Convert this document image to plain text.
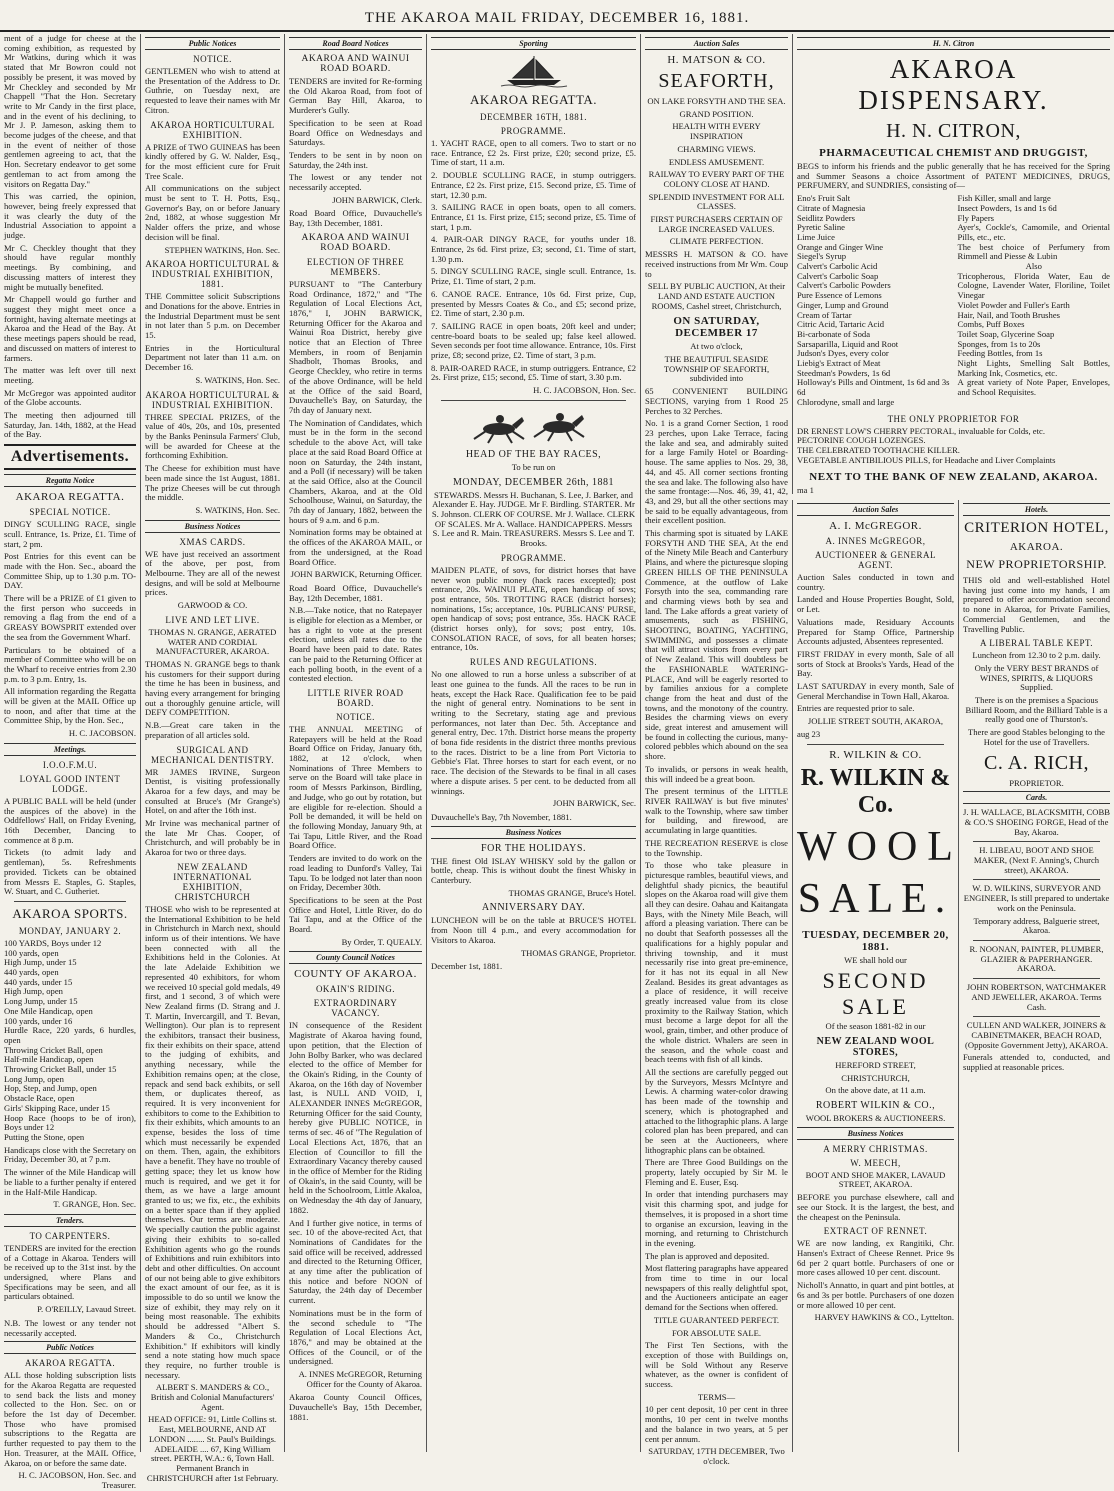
THE AKAROA MAIL FRIDAY, DECEMBER 16, 1881.

ment of a judge for cheese at the coming exhibition, as requested by Mr Watkins, during which it was stated that Mr Bowron could not possibly be present, it was moved by Mr Checkley and seconded by Mr Chappell "That the Hon. Secretary write to Mr Candy in the first place, and in the event of his declining, to Mr J. P. Jameson, asking them to become judges of the cheese, and that in the event of neither of those gentlemen agreeing to act, that the Hon. Secretary endeavor to get some gentleman to act from among the visitors on Regatta Day."

This was carried, the opinion, however, being freely expressed that it was clearly the duty of the Industrial Association to appoint a judge.

Mr C. Checkley thought that they should have regular monthly meetings. By combining, and discussing matters of interest they might be mutually benefited.

Mr Chappell would go further and suggest they might meet once a fortnight, having alternate meetings at Akaroa and the Head of the Bay. At these meetings papers should be read, and discussed on matters of interest to farmers.

The matter was left over till next meeting.

Mr McGregor was appointed auditor of the Globe accounts.

The meeting then adjourned till Saturday, Jan. 14th, 1882, at the Head of the Bay.

Advertisements.
Regatta Notice
AKAROA REGATTA.
SPECIAL NOTICE.

DINGY SCULLING RACE, single scull. Entrance, 1s. Prize, £1. Time of start, 2 pm.

Post Entries for this event can be made with the Hon. Sec., aboard the Committee Ship, up to 1.30 p.m. TO-DAY.

There will be a PRIZE of £1 given to the first person who succeeds in removing a flag from the end of a GREASY BOWSPRIT extended over the sea from the Government Wharf.

Particulars to be obtained of a member of Committee who will be on the Wharf to receive entries from 2.30 p.m. to 3 p.m. Entry, 1s.

All information regarding the Regatta will be given at the MAIL Office up to noon, and after that time at the Committee Ship, by the Hon. Sec.,

H. C. JACOBSON.

Meetings.
I.O.O.F.M.U.
LOYAL GOOD INTENT LODGE.

A PUBLIC BALL will be held (under the auspices of the above) in the Oddfellows' Hall, on Friday Evening, 16th December, Dancing to commence at 8 p.m.

Tickets (to admit lady and gentleman), 5s. Refreshments provided. Tickets can be obtained from Messrs E. Staples, G. Staples, W. Stuart, and C. Gutheriet.

AKAROA SPORTS.
MONDAY, JANUARY 2.

100 YARDS, Boys under 12

100 yards, open

High Jump, under 15

440 yards, open

440 yards, under 15

High Jump, open

Long Jump, under 15

One Mile Handicap, open

100 yards, under 16

Hurdle Race, 220 yards, 6 hurdles, open

Throwing Cricket Ball, open

Half-mile Handicap, open

Throwing Cricket Ball, under 15

Long Jump, open

Hop, Step, and Jump, open

Obstacle Race, open

Girls' Skipping Race, under 15

Hoop Race (hoops to be of iron), Boys under 12

Putting the Stone, open

Handicaps close with the Secretary on Friday, December 30, at 7 p.m.

The winner of the Mile Handicap will be liable to a further penalty if entered in the Half-Mile Handicap.

T. GRANGE, Hon. Sec.

Tenders.
TO CARPENTERS.

TENDERS are invited for the erection of a Cottage in Akaroa. Tenders will be received up to the 31st inst. by the undersigned, where Plans and Specifications may be seen, and all particulars obtained.

P. O'REILLY, Lavaud Street.

N.B. The lowest or any tender not necessarily accepted.

Public Notices
AKAROA REGATTA.

ALL those holding subscription lists for the Akaroa Regatta are requested to send back the lists and money collected to the Hon. Sec. on or before the 1st day of December. Those who have promised subscriptions to the Regatta are further requested to pay them to the Hon. Treasurer, at the MAIL Office, Akaroa, on or before the same date.

H. C. JACOBSON, Hon. Sec. and Treasurer.

Public Notices
NOTICE.

GENTLEMEN who wish to attend at the Presentation of the Address to Dr. Guthrie, on Tuesday next, are requested to leave their names with Mr Citron.

AKAROA HORTICULTURAL EXHIBITION.

A PRIZE of TWO GUINEAS has been kindly offered by G. W. Nalder, Esq., for the most efficient cure for Fruit Tree Scale.

All communications on the subject must be sent to T. H. Potts, Esq., Governor's Bay, on or before January 2nd, 1882, at whose suggestion Mr Nalder offers the prize, and whose decision will be final.

STEPHEN WATKINS, Hon. Sec.

AKAROA HORTICULTURAL & INDUSTRIAL EXHIBITION, 1881.

THE Committee solicit Subscriptions and Donations for the above. Entries in the Industrial Department must be sent in not later than 5 p.m. on December 15.

Entries in the Horticultural Department not later than 11 a.m. on December 16.

S. WATKINS, Hon. Sec.

AKAROA HORTICULTURAL & INDUSTRIAL EXHIBITION.

THREE SPECIAL PRIZES, of the value of 40s, 20s, and 10s, presented by the Banks Peninsula Farmers' Club, will be awarded for Cheese at the forthcoming Exhibition.

The Cheese for exhibition must have been made since the 1st August, 1881. The prize Cheeses will be cut through the middle.

S. WATKINS, Hon. Sec.

Business Notices
XMAS CARDS.

WE have just received an assortment of the above, per post, from Melbourne. They are all of the newest designs, and will be sold at Melbourne prices.

GARWOOD & CO.

LIVE AND LET LIVE.

THOMAS N. GRANGE, AERATED WATER AND CORDIAL MANUFACTURER, AKAROA.

THOMAS N. GRANGE begs to thank his customers for their support during the time he has been in business, and having every arrangement for bringing out a thoroughly genuine article, will DEFY COMPETITION.

N.B.—Great care taken in the preparation of all articles sold.

SURGICAL AND MECHANICAL DENTISTRY.

MR JAMES IRVINE, Surgeon Dentist, is visiting professionally Akaroa for a few days, and may be consulted at Bruce's (Mr Grange's) Hotel, on and after the 16th inst.

Mr Irvine was mechanical partner of the late Mr Chas. Cooper, of Christchurch, and will probably be in Akaroa for two or three days.

NEW ZEALAND INTERNATIONAL EXHIBITION, CHRISTCHURCH

THOSE who wish to be represented at the International Exhibition to be held in Christchurch in March next, should inform us of their intentions. We have been connected with all the Exhibitions held in the Colonies. At the late Adelaide Exhibition we represented 40 exhibitors, for whom we received 10 special gold medals, 49 first, and 1 second, 3 of which were New Zealand firms (D. Strang and J. T. Martin, Invercargill, and T. Bevan, Wellington). Our plan is to represent the exhibitors, transact their business, fix their exhibits on their space, attend to the judging of exhibits, and anything necessary, while the Exhibition remains open; at the close, repack and send back exhibits, or sell them, or duplicates thereof, as required. It is very inconvenient for exhibitors to come to the Exhibition to fix their exhibits, which amounts to an expense, besides the loss of time which must necessarily be expended on them. Then, again, the exhibitors have a benefit. They have no trouble of getting space; they let us know how much is required, and we get it for them, as we have a large amount granted to us; we fix, etc., the exhibits on a better space than if they applied themselves. Our terms are moderate. We specially caution the public against giving their exhibits to so-called Exhibition agents who go the rounds of Exhibitions and ruin exhibitors into debt and other difficulties. On account of our not being able to give exhibitors the exact amount of our fee, as it is impossible to do so until we know the size of exhibit, they may rely on it being most reasonable. The exhibits should be addressed "Albert S. Manders & Co., Christchurch Exhibition." If exhibitors will kindly send a note stating how much space they require, no further trouble is necessary.

ALBERT S. MANDERS & CO., British and Colonial Manufacturers' Agent.

HEAD OFFICE: 91, Little Collins st. East, MELBOURNE, AND AT LONDON ........ St. Paul's Buildings. ADELAIDE .... 67, King William street. PERTH, W.A.: 6, Town Hall. Permanent Branch in CHRISTCHURCH after 1st February.

Road Board Notices
AKAROA AND WAINUI ROAD BOARD.

TENDERS are invited for Re-forming the Old Akaroa Road, from foot of German Bay Hill, Akaroa, to Murderer's Gully.

Specification to be seen at Road Board Office on Wednesdays and Saturdays.

Tenders to be sent in by noon on Saturday, the 24th inst.

The lowest or any tender not necessarily accepted.

JOHN BARWICK, Clerk.

Road Board Office, Duvauchelle's Bay, 13th December, 1881.

AKAROA AND WAINUI ROAD BOARD.
ELECTION OF THREE MEMBERS.

PURSUANT to "The Canterbury Road Ordinance, 1872," and "The Regulation of Local Elections Act, 1876," I, JOHN BARWICK, Returning Officer for the Akaroa and Wainui Roa District, hereby give notice that an Election of Three Members, in room of Benjamin Shadbolt, Thomas Brooks, and George Checkley, who retire in terms of the above Ordinance, will be held at the Office of the said Board, Duvauchelle's Bay, on Saturday, the 7th day of January next.

The Nomination of Candidates, which must be in the form in the second schedule to the above Act, will take place at the said Road Board Office at noon on Saturday, the 24th instant, and a Poll (if necessary) will be taken at the said Office, also at the Council Chambers, Akaroa, and at the Old Schoolhouse, Wainui, on Saturday, the 7th day of January, 1882, between the hours of 9 a.m. and 6 p.m.

Nomination forms may be obtained at the offices of the AKAROA MAIL, or from the undersigned, at the Road Board Office.

JOHN BARWICK, Returning Officer.

Road Board Office, Duvauchelle's Bay, 12th December, 1881.

N.B.—Take notice, that no Ratepayer is eligible for election as a Member, or has a right to vote at the present election, unless all rates due to the Board have been paid to date. Rates can be paid to the Returning Officer at each polling booth, in the event of a contested election.

LITTLE RIVER ROAD BOARD.
NOTICE.

THE ANNUAL MEETING of Ratepayers will be held at the Road Board Office on Friday, January 6th, 1882, at 12 o'clock, when Nominations of Three Members to serve on the Board will take place in room of Messrs Parkinson, Birdling, and Judge, who go out by rotation, but are eligible for re-election. Should a Poll be demanded, it will be held on the following Monday, January 9th, at Tai Tapu, Little River, and the Road Board Office.

Tenders are invited to do work on the road leading to Dunford's Valley, Tai Tapu. To be lodged not later than noon on Friday, December 30th.

Specifications to be seen at the Post Office and Hotel, Little River, do do Tai Tapu, and at the Office of the Board.

By Order, T. QUEALY.

County Council Notices
COUNTY OF AKAROA.
OKAIN'S RIDING.
EXTRAORDINARY VACANCY.

IN consequence of the Resident Magistrate of Akaroa having found, upon petition, that the Election of John Bolby Barker, who was declared elected to the office of Member for the Okain's Riding, in the County of Akaroa, on the 16th day of November last, is NULL AND VOID, I, ALEXANDER INNES McGREGOR, Returning Officer for the said County, hereby give PUBLIC NOTICE, in terms of sec. 46 of "The Regulation of Local Elections Act, 1876, that an Election of Councillor to fill the Extraordinary Vacancy thereby caused in the office of Member for the Riding of Okain's, in the said County, will be held in the Schoolroom, Little Akaloa, on Wednesday the 4th day of January, 1882.

And I further give notice, in terms of sec. 10 of the above-recited Act, that Nominations of Candidates for the said office will be received, addressed and directed to the Returning Officer, at any time after the publication of this notice and before NOON of Saturday, the 24th day of December current.

Nominations must be in the form of the second schedule to "The Regulation of Local Elections Act, 1876," and may be obtained at the Offices of the Council, or of the undersigned.

A. INNES McGREGOR, Returning Officer for the County of Akaroa.

Akaroa County Council Offices, Duvauchelle's Bay, 15th December, 1881.

Sporting
AKAROA REGATTA.
DECEMBER 16TH, 1881.
PROGRAMME.

1. YACHT RACE, open to all comers. Two to start or no race. Entrance, £2 2s. First prize, £20; second prize, £5. Time of start, 11 a.m.

2. DOUBLE SCULLING RACE, in stump outriggers. Entrance, £2 2s. First prize, £15. Second prize, £5. Time of start, 12.30 p.m.

3. SAILING RACE in open boats, open to all comers. Entrance, £1 1s. First prize, £15; second prize, £5. Time of start, 1 p.m.

4. PAIR-OAR DINGY RACE, for youths under 18. Entrance, 2s 6d. First prize, £3; second, £1. Time of start, 1.30 p.m.

5. DINGY SCULLING RACE, single scull. Entrance, 1s. Prize, £1. Time of start, 2 p.m.

6. CANOE RACE. Entrance, 10s 6d. First prize, Cup, presented by Messrs Coates & Co., and £5; second prize, £2. Time of start, 2.30 p.m.

7. SAILING RACE in open boats, 20ft keel and under; centre-board boats to be sealed up; false keel allowed. Seven seconds per foot time allowance. Entrance, 10s. First prize, £8; second prize, £2. Time of start, 3 p.m.

8. PAIR-OARED RACE, in stump outriggers. Entrance, £2 2s. First prize, £15; second, £5. Time of start, 3.30 p.m.

H. C. JACOBSON, Hon. Sec.

HEAD OF THE BAY RACES,

To be run on

MONDAY, DECEMBER 26th, 1881

STEWARDS. Messrs H. Buchanan, S. Lee, J. Barker, and Alexander E. Hay. JUDGE. Mr F. Birdling. STARTER. Mr S. Johnson. CLERK OF COURSE. Mr J. Wallace. CLERK OF SCALES. Mr A. Wallace. HANDICAPPERS. Messrs S. Lee and R. Main. TREASURERS. Messrs S. Lee and T. Brooks.

PROGRAMME.

MAIDEN PLATE, of sovs, for district horses that have never won public money (hack races excepted); post entrance, 20s. WAINUI PLATE, open handicap of sovs; post entrance, 50s. TROTTING RACE (district horses); nominations, 15s; acceptance, 10s. PUBLICANS' PURSE, open handicap of sovs; post entrance, 35s. HACK RACE (district horses only), for sovs; post entry, 10s. CONSOLATION RACE, of sovs, for all beaten horses; entrance, 10s.

RULES AND REGULATIONS.

No one allowed to run a horse unless a subscriber of at least one guinea to the funds. All the races to be run in heats, except the Hack Race. Qualification fee to be paid the night of general entry. Nominations to be sent in writing to the Secretary, stating age and previous performances, not later than Dec. 5th. Acceptance and general entry, Dec. 17th. District horse means the property of bona fide residents in the district three months previous to the races. District to be a line from Port Victoria to Gebbie's Flat. Three horses to start for each event, or no race. The decision of the Stewards to be final in all cases where a dispute arises. 5 per cent. to be deducted from all winnings.

JOHN BARWICK, Sec.

Duvauchelle's Bay, 7th November, 1881.

Business Notices
FOR THE HOLIDAYS.

THE finest Old ISLAY WHISKY sold by the gallon or bottle, cheap. This is without doubt the finest Whisky in Canterbury.

THOMAS GRANGE, Bruce's Hotel.

ANNIVERSARY DAY.

LUNCHEON will be on the table at BRUCE'S HOTEL from Noon till 4 p.m., and every accommodation for Visitors to Akaroa.

THOMAS GRANGE, Proprietor.

December 1st, 1881.

Auction Sales
H. MATSON & CO.
SEAFORTH,

ON LAKE FORSYTH AND THE SEA.

GRAND POSITION.

HEALTH WITH EVERY INSPIRATION

CHARMING VIEWS.

ENDLESS AMUSEMENT.

RAILWAY TO EVERY PART OF THE COLONY CLOSE AT HAND.

SPLENDID INVESTMENT FOR ALL CLASSES.

FIRST PURCHASERS CERTAIN OF LARGE INCREASED VALUES.

CLIMATE PERFECTION.

MESSRS H. MATSON & CO. have received instructions from Mr Wm. Coup to

SELL BY PUBLIC AUCTION, At their LAND AND ESTATE AUCTION ROOMS, Cashel street, Christchurch,

ON SATURDAY, DECEMBER 17

At two o'clock,

THE BEAUTIFUL SEASIDE TOWNSHIP OF SEAFORTH, subdivided into

65 CONVENIENT BUILDING SECTIONS, varying from 1 Rood 25 Perches to 32 Perches.

No. 1 is a grand Corner Section, 1 rood 23 perches, upon Lake Terrace, facing the lake and sea, and admirably suited for a large Family Hotel or Boarding-house. The same applies to Nos. 29, 38, 44, and 45. All corner sections fronting the sea and lake. The following also have the same frontage:—Nos. 46, 39, 41, 42, 43, and 29, but all the other sections may be said to be equally advantageous, from their excellent position.

This charming spot is situated by LAKE FORSYTH AND THE SEA, At the end of the Ninety Mile Beach and Canterbury Plains, and where the picturesque sloping GREEN HILLS OF THE PENINSULA Commence, at the outflow of Lake Forsyth into the sea, commanding rare and charming views both by sea and land. The Lake affords a great variety of amusements, such as FISHING, SHOOTING, BOATING, YACHTING, SWIMMING, and possesses a climate that will attract visitors from every part of New Zealand. This will doubtless be the FASHIONABLE WATERING-PLACE, And will be eagerly resorted to by families anxious for a complete change from the heat and dust of the towns, and the monotony of the country. Besides the charming views on every side, great interest and amusement will be found in collecting the curious, many-colored pebbles which abound on the sea shore.

To invalids, or persons in weak health, this will indeed be a great boon.

The present terminus of the LITTLE RIVER RAILWAY is but five minutes' walk to the Township, where saw timber for building, and firewood, are accumulating in large quantities.

THE RECREATION RESERVE is close to the Township.

To those who take pleasure in picturesque rambles, beautiful views, and delightful shady picnics, the beautiful slopes on the Akaroa road will give them all they can desire. Oahau and Kaitangata Bays, with the Ninety Mile Beach, will afford a pleasing variation. There can be no doubt that Seaforth possesses all the qualifications for a highly popular and thriving township, and it must necessarily rise into great pre-eminence, for it has not its equal in all New Zealand. Besides its great advantages as a place of residence, it will receive greatly increased value from its close proximity to the Railway Station, which must become a large depot for all the wool, grain, timber, and other produce of the whole district. Whalers are seen in the season, and the whole coast and beach teems with fish of all kinds.

All the sections are carefully pegged out by the Surveyors, Messrs McIntyre and Lewis. A charming water-color drawing has been made of the township and scenery, which is photographed and attached to the lithographic plans. A large colored plan has been prepared, and can be seen at the Auctioneers, where lithographic plans can be obtained.

There are Three Good Buildings on the property, lately occupied by Sir M. le Fleming and E. Euser, Esq.

In order that intending purchasers may visit this charming spot, and judge for themselves, it is proposed in a short time to organise an excursion, leaving in the morning, and returning to Christchurch in the evening.

The plan is approved and deposited.

Most flattering paragraphs have appeared from time to time in our local newspapers of this really delightful spot, and the Auctioneers anticipate an eager demand for the Sections when offered.

TITLE GUARANTEED PERFECT.

FOR ABSOLUTE SALE.

The First Ten Sections, with the exception of those with Buildings on, will be Sold Without any Reserve whatever, as the owner is confident of success.

TERMS—

10 per cent deposit, 10 per cent in three months, 10 per cent in twelve months and the balance in two years, at 5 per cent per annum.

SATURDAY, 17TH DECEMBER, Two o'clock.

H. N. Citron
AKAROA DISPENSARY.
H. N. CITRON,
PHARMACEUTICAL CHEMIST AND DRUGGIST,

BEGS to inform his friends and the public generally that he has received for the Spring and Summer Seasons a choice Assortment of PATENT MEDICINES, DRUGS, PERFUMERY, and SUNDRIES, consisting of—

Eno's Fruit Salt

Citrate of Magnesia

Seidlitz Powders

Pyretic Saline

Lime Juice

Orange and Ginger Wine

Siegel's Syrup

Calvert's Carbolic Acid

Calvert's Carbolic Soap

Calvert's Carbolic Powders

Pure Essence of Lemons

Ginger, Lump and Ground

Cream of Tartar

Citric Acid, Tartaric Acid

Bi-carbonate of Soda

Sarsaparilla, Liquid and Root

Judson's Dyes, every color

Liebig's Extract of Meat

Steedman's Powders, 1s 6d

Holloway's Pills and Ointment, 1s 6d and 3s 6d

Chlorodyne, small and large

Fish Killer, small and large

Insect Powders, 1s and 1s 6d

Fly Papers

Ayer's, Cockle's, Camomile, and Oriental Pills, etc., etc.

The best choice of Perfumery from Rimmell and Piesse & Lubin

Also

Tricopherous, Florida Water, Eau de Cologne, Lavender Water, Floriline, Toilet Vinegar

Violet Powder and Fuller's Earth

Hair, Nail, and Tooth Brushes

Combs, Puff Boxes

Toilet Soap, Glycerine Soap

Sponges, from 1s to 20s

Feeding Bottles, from 1s

Night Lights, Smelling Salt Bottles, Marking Ink, Cosmetics, etc.

A great variety of Note Paper, Envelopes, and School Requisites.

THE ONLY PROPRIETOR FOR

DR ERNEST LOW'S CHERRY PECTORAL, invaluable for Colds, etc.

PECTORINE COUGH LOZENGES.

THE CELEBRATED TOOTHACHE KILLER.

VEGETABLE ANTIBILIOUS PILLS, for Headache and Liver Complaints

NEXT TO THE BANK OF NEW ZEALAND, AKAROA.

ma 1

Auction Sales
A. I. McGREGOR.
A. INNES McGREGOR,
AUCTIONEER & GENERAL AGENT.

Auction Sales conducted in town and country.

Landed and House Properties Bought, Sold, or Let.

Valuations made, Residuary Accounts Prepared for Stamp Office, Partnership Accounts adjusted, Absentees represented.

FIRST FRIDAY in every month, Sale of all sorts of Stock at Brooks's Yards, Head of the Bay.

LAST SATURDAY in every month, Sale of General Merchandise in Town Hall, Akaroa.

Entries are requested prior to sale.

JOLLIE STREET SOUTH, AKAROA,

aug 23

R. WILKIN & CO.
R. WILKIN & Co.
WOOL
SALE.
TUESDAY, DECEMBER 20, 1881.

WE shall hold our

SECOND SALE

Of the season 1881-82 in our

NEW ZEALAND WOOL STORES,

HEREFORD STREET,

CHRISTCHURCH,

On the above date, at 11 a.m.

ROBERT WILKIN & CO.,

WOOL BROKERS & AUCTIONEERS.

Business Notices
A MERRY CHRISTMAS.
W. MEECH,

BOOT AND SHOE MAKER, LAVAUD STREET, AKAROA.

BEFORE you purchase elsewhere, call and see our Stock. It is the largest, the best, and the cheapest on the Peninsula.

EXTRACT OF RENNET.

WE are now landing, ex Rangitiki, Chr. Hansen's Extract of Cheese Rennet. Price 9s 6d per 2 quart bottle. Purchasers of one or more cases allowed 10 per cent. discount.

Nicholl's Annatto, in quart and pint bottles, at 6s and 3s per bottle. Purchasers of one dozen or more allowed 10 per cent.

HARVEY HAWKINS & CO., Lyttelton.

Hotels.
CRITERION HOTEL,
AKAROA.
NEW PROPRIETORSHIP.

THIS old and well-established Hotel having just come into my hands, I am prepared to offer accommodation second to none in Akaroa, for Private Families, Commercial Gentlemen, and the Travelling Public.

A LIBERAL TABLE KEPT.

Luncheon from 12.30 to 2 p.m. daily.

Only the VERY BEST BRANDS of WINES, SPIRITS, & LIQUORS Supplied.

There is on the premises a Spacious Billiard Room, and the Billiard Table is a really good one of Thurston's.

There are good Stables belonging to the Hotel for the use of Travellers.

C. A. RICH,

PROPRIETOR.

Cards.

J. H. WALLACE, BLACKSMITH, COBB & CO.'S SHOEING FORGE, Head of the Bay, Akaroa.

H. LIBEAU, BOOT AND SHOE MAKER, (Next F. Anning's, Church street), AKAROA.

W. D. WILKINS, SURVEYOR AND ENGINEER, Is still prepared to undertake work on the Peninsula.

Temporary address, Balguerie street, Akaroa.

R. NOONAN, PAINTER, PLUMBER, GLAZIER & PAPERHANGER. AKAROA.

JOHN ROBERTSON, WATCHMAKER AND JEWELLER, AKAROA. Terms Cash.

CULLEN AND WALKER, JOINERS & CABINETMAKER, BEACH ROAD, (Opposite Government Jetty), AKAROA.

Funerals attended to, conducted, and supplied at reasonable prices.
